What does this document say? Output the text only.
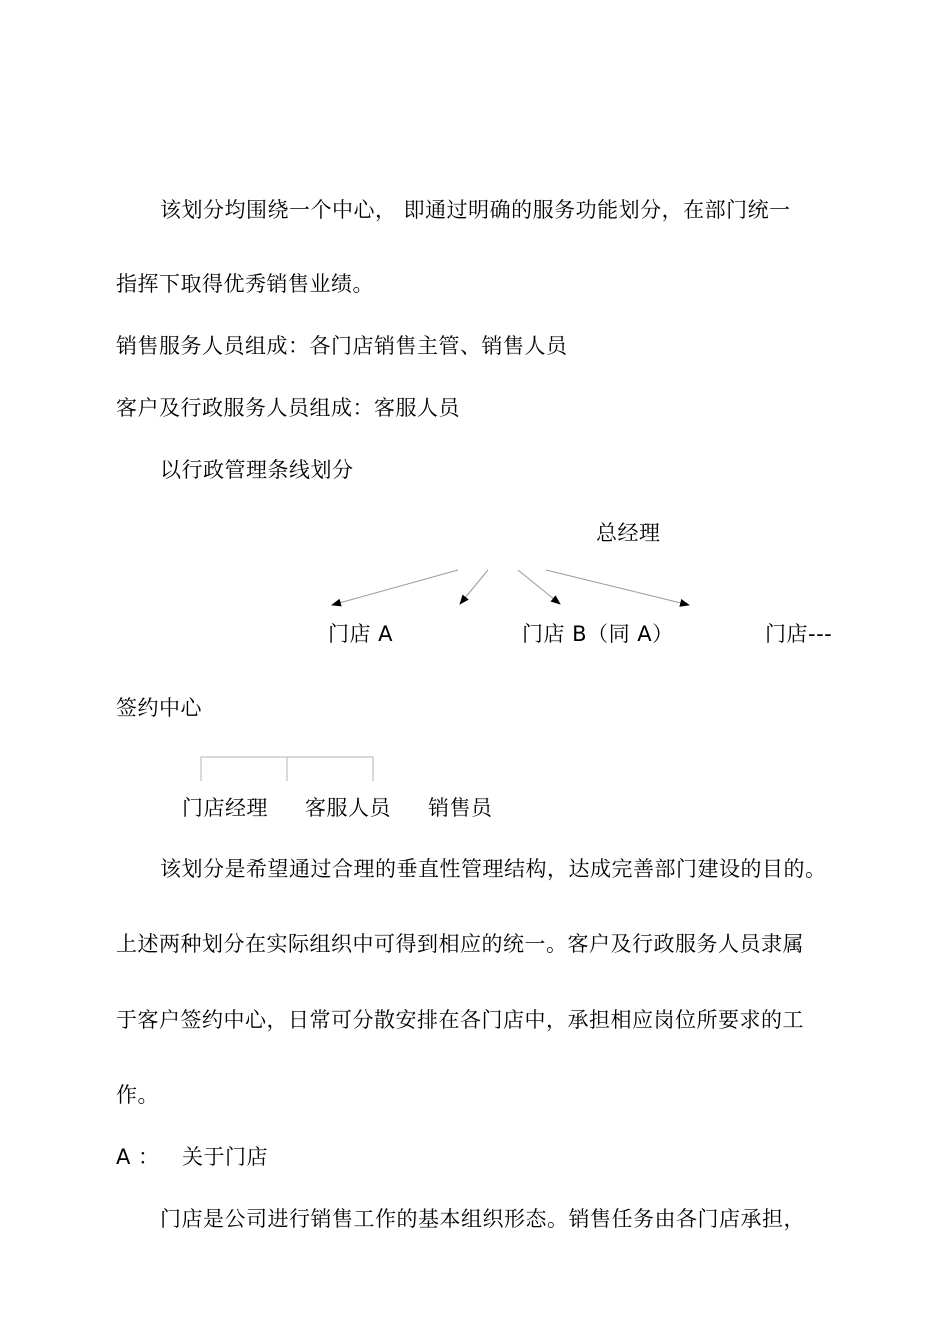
该划分均围绕一个中心， 即通过明确的服务功能划分，在部门统一
指挥下取得优秀销售业绩。
销售服务人员组成：各门店销售主管、销售人员
客户及行政服务人员组成：客服人员
以行政管理条线划分
总经理
门店 A	门店 B（同 A）	门店---
签约中心
门店经理 客服人员 销售员
该划分是希望通过合理的垂直性管理结构，达成完善部门建设的目的。
上述两种划分在实际组织中可得到相应的统一。客户及行政服务人员隶属
于客户签约中心，日常可分散安排在各门店中，承担相应岗位所要求的工
作。
A ： 关于门店
门店是公司进行销售工作的基本组织形态。销售任务由各门店承担，
